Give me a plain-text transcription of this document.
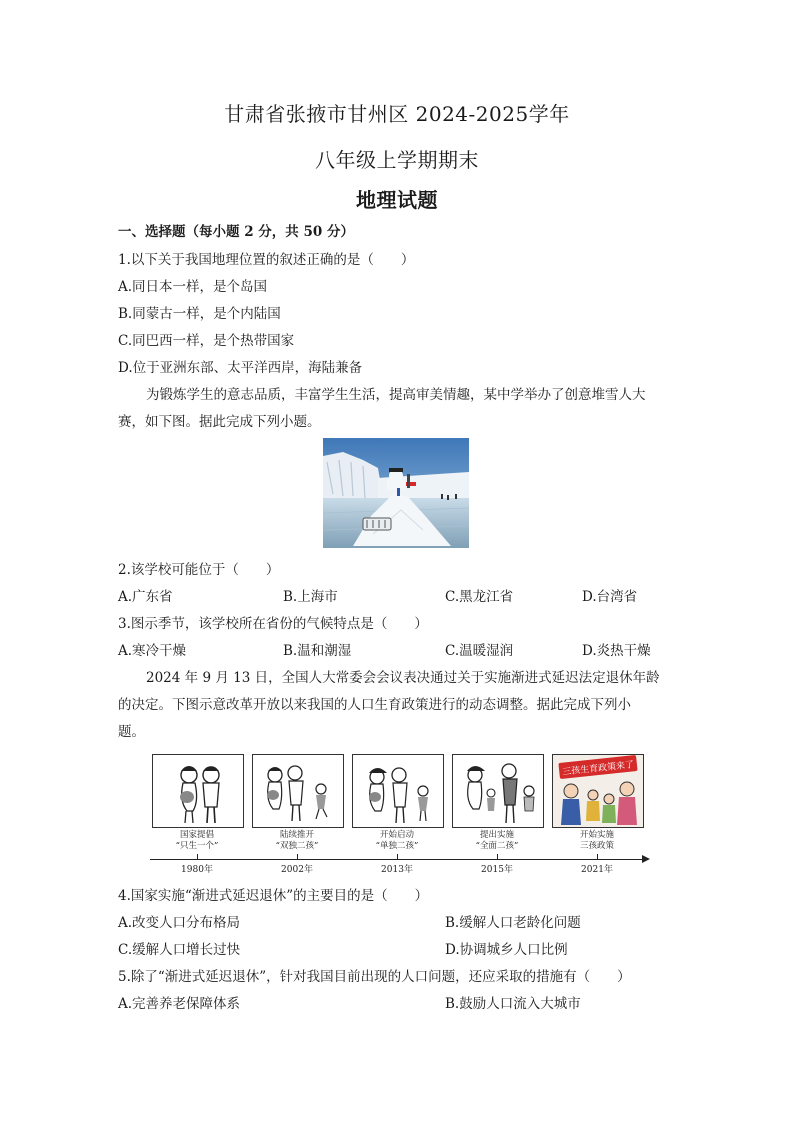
甘肃省张掖市甘州区 2024-2025学年
八年级上学期期末
地理试题
一、选择题（每小题 2 分，共 50 分）
1.以下关于我国地理位置的叙述正确的是（　　）
A.同日本一样，是个岛国
B.同蒙古一样，是个内陆国
C.同巴西一样，是个热带国家
D.位于亚洲东部、太平洋西岸，海陆兼备
为锻炼学生的意志品质，丰富学生生活，提高审美情趣，某中学举办了创意堆雪人大
赛，如下图。据此完成下列小题。
2.该学校可能位于（　　）
A.广东省	B.上海市	C.黑龙江省	D.台湾省
3.图示季节，该学校所在省份的气候特点是（　　）
A.寒冷干燥	B.温和潮湿	C.温暖湿润	D.炎热干燥
2024 年 9 月 13 日，全国人大常委会会议表决通过关于实施渐进式延迟法定退休年龄
的决定。下图示意改革开放以来我国的人口生育政策进行的动态调整。据此完成下列小
题。
国家提倡
“只生一个”
1980年
陆续推开
“双独二孩”
2002年
开始启动
“单独二孩”
2013年
提出实施
“全面二孩”
2015年
三孩生育政策来了
开始实施
三孩政策
2021年
4.国家实施“渐进式延迟退休”的主要目的是（　　）
A.改变人口分布格局	B.缓解人口老龄化问题
C.缓解人口增长过快	D.协调城乡人口比例
5.除了“渐进式延迟退休”，针对我国目前出现的人口问题，还应采取的措施有（　　）
A.完善养老保障体系	B.鼓励人口流入大城市
